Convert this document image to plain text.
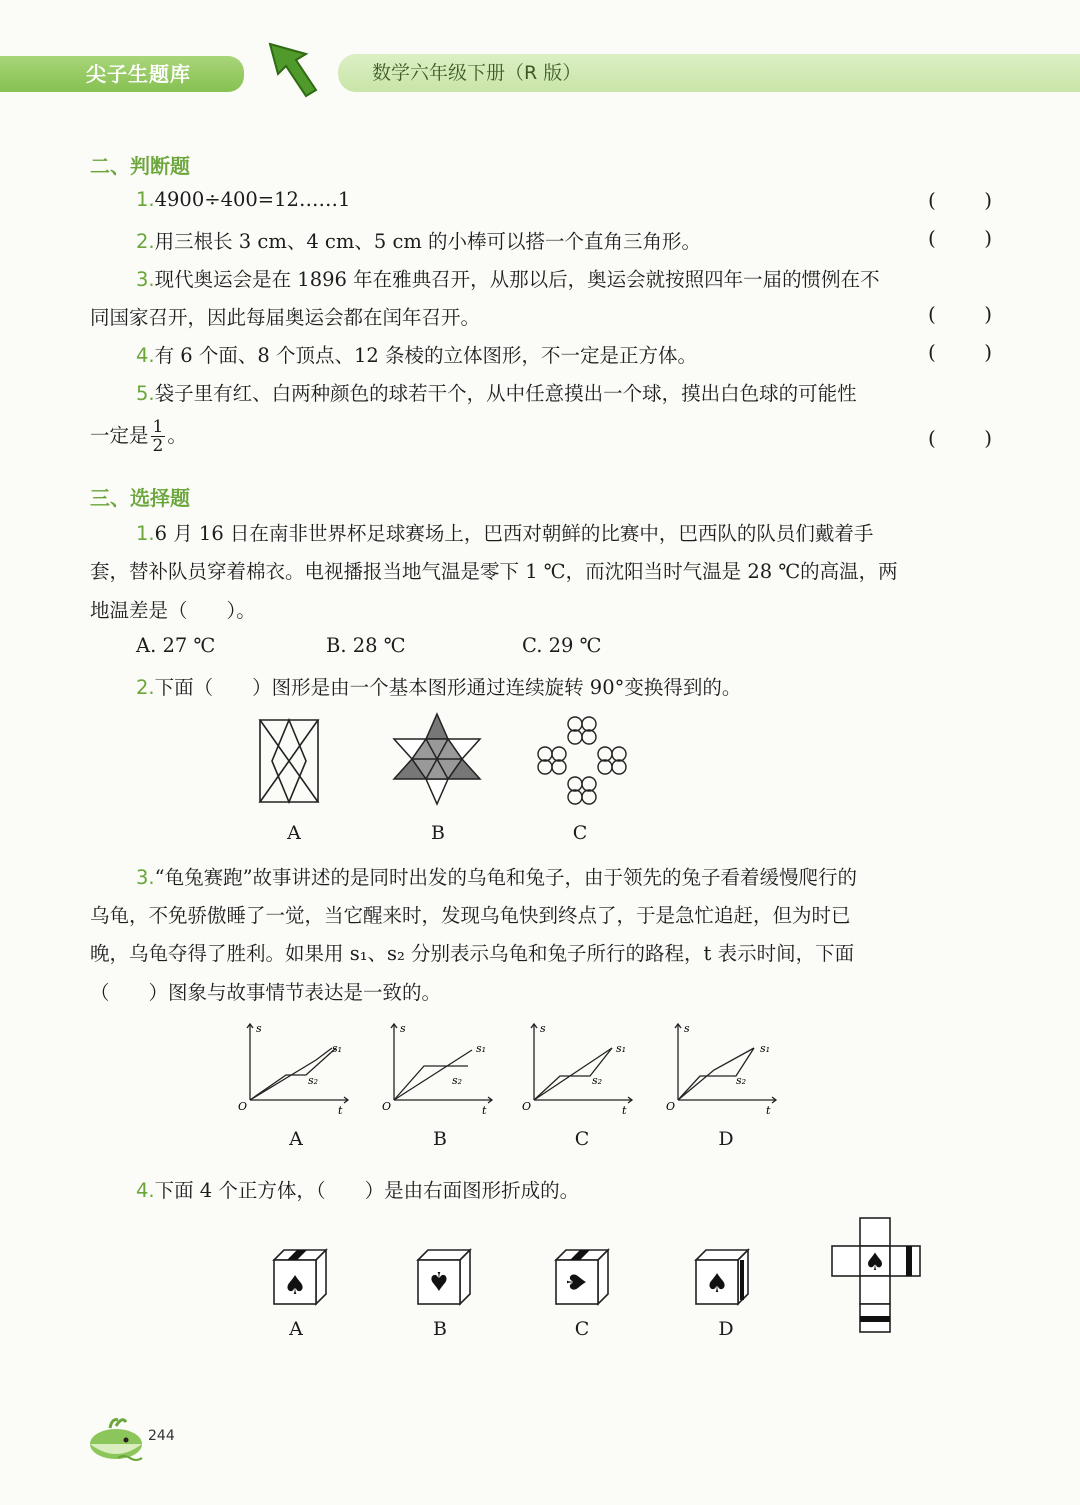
尖子生题库	数学六年级下册（R 版）
二、判断题
1.4900÷400=12……1	( )
2.用三根长 3 cm、4 cm、5 cm 的小棒可以搭一个直角三角形。	( )
3.现代奥运会是在 1896 年在雅典召开，从那以后，奥运会就按照四年一届的惯例在不
同国家召开，因此每届奥运会都在闰年召开。	( )
4.有 6 个面、8 个顶点、12 条棱的立体图形，不一定是正方体。	( )
5.袋子里有红、白两种颜色的球若干个，从中任意摸出一个球，摸出白色球的可能性
一定是 $\frac{1}{2}$ 。	( )
三、选择题
1.6 月 16 日在南非世界杯足球赛场上，巴西对朝鲜的比赛中，巴西队的队员们戴着手
套，替补队员穿着棉衣。电视播报当地气温是零下 1 ℃，而沈阳当时气温是 28 ℃的高温，两
地温差是（　　）。
A. 27 ℃	B. 28 ℃	C. 29 ℃
2.下面（　　）图形是由一个基本图形通过连续旋转 90°变换得到的。
A	B	C
3.“龟兔赛跑”故事讲述的是同时出发的乌龟和兔子，由于领先的兔子看着缓慢爬行的
乌龟，不免骄傲睡了一觉，当它醒来时，发现乌龟快到终点了，于是急忙追赶，但为时已
晚，乌龟夺得了胜利。如果用 s₁、s₂ 分别表示乌龟和兔子所行的路程，t 表示时间，下面
（　　）图象与故事情节表达是一致的。
s
t
O
s₁
s₂
s
t
O
s₁
s₂
s
t
O
s₁
s₂
s
t
O
s₁
s₂
A	B	C	D
4.下面 4 个正方体，（　　）是由右面图形折成的。
♠	♠	♠	♠
A	B	C	D
♠
244
